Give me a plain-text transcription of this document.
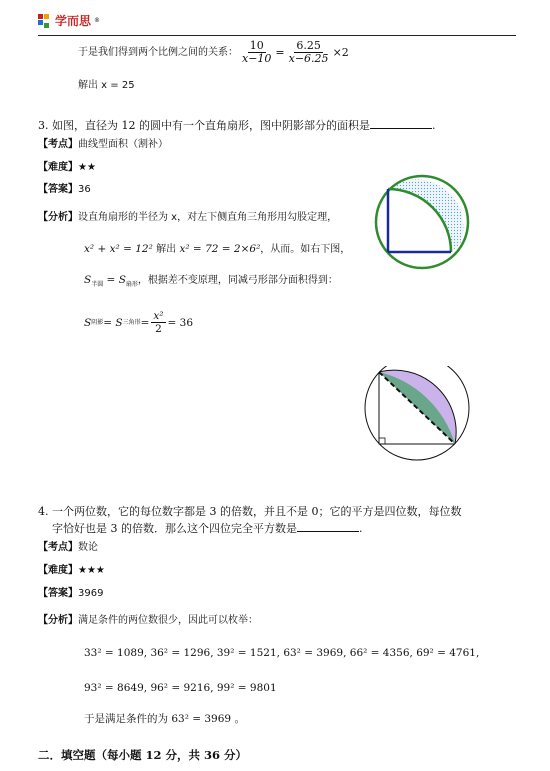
学而思 ®
于是我们得到两个比例之间的关系： $\frac{10}{x-10} = \frac{6.25}{x-6.25} \times 2$
解出 x = 25
3. 如图，直径为 12 的圆中有一个直角扇形，图中阴影部分的面积是	.
【考点】曲线型面积（割补）
【难度】★★
【答案】36
【分析】设直角扇形的半径为 x，对左下侧直角三角形用勾股定理，
x² + x² = 12² 解出 x² = 72 = 2×6²，从而。如右下图，
$S_{半圆} = S_{扇形}$，根据差不变原理，同减弓形部分面积得到：
S 阴影 = S 三角形 = $\frac{\text{x²}}{2} = 36$
4. 一个两位数，它的每位数字都是 3 的倍数，并且不是 0；它的平方是四位数，每位数
字恰好也是 3 的倍数．那么这个四位完全平方数是	.
【考点】数论
【难度】★★★
【答案】3969
【分析】满足条件的两位数很少，因此可以枚举：
33² = 1089, 36² = 1296, 39² = 1521, 63² = 3969, 66² = 4356, 69² = 4761,
93² = 8649, 96² = 9216, 99² = 9801
于是满足条件的为 63² = 3969 。
二．填空题（每小题 12 分，共 36 分）
